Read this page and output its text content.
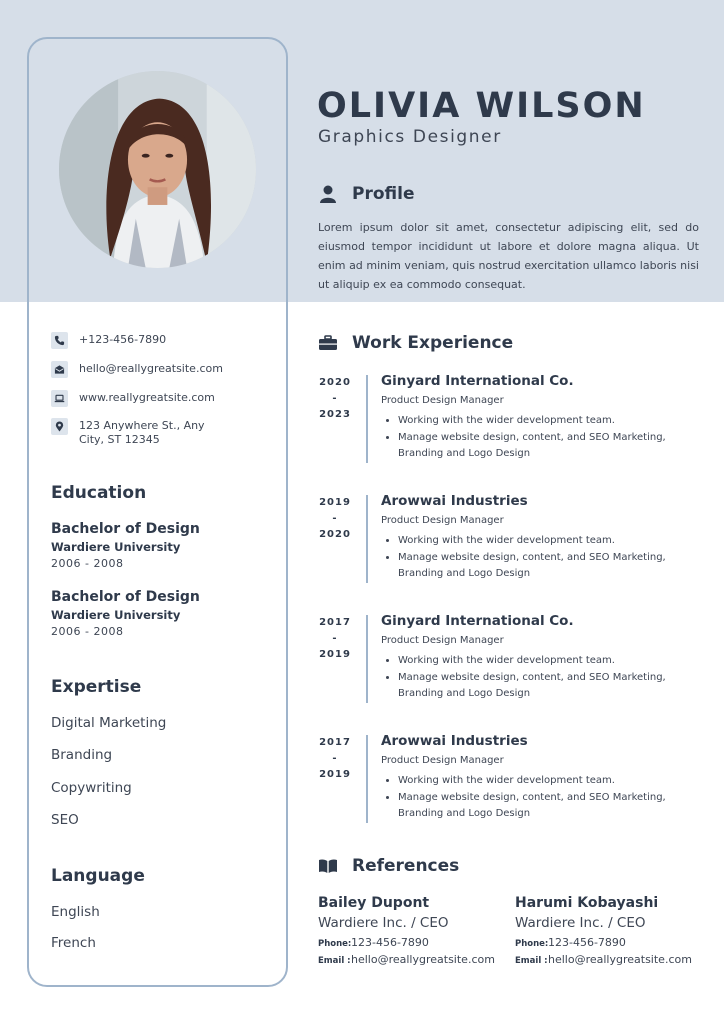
OLIVIA WILSON
Graphics Designer
Profile
Lorem ipsum dolor sit amet, consectetur adipiscing elit, sed do eiusmod tempor incididunt ut labore et dolore magna aliqua. Ut enim ad minim veniam, quis nostrud exercitation ullamco laboris nisi ut aliquip ex ea commodo consequat.
+123-456-7890
hello@reallygreatsite.com
www.reallygreatsite.com
123 Anywhere St., Any City, ST 12345
Education
Bachelor of Design
Wardiere University
2006 - 2008
Bachelor of Design
Wardiere University
2006 - 2008
Expertise
Digital Marketing
Branding
Copywriting
SEO
Language
English
French
Work Experience
2020
-
2023
Ginyard International Co.
Product Design Manager
• Working with the wider development team.
• Manage website design, content, and SEO Marketing, Branding and Logo Design
2019
-
2020
Arowwai Industries
Product Design Manager
• Working with the wider development team.
• Manage website design, content, and SEO Marketing, Branding and Logo Design
2017
-
2019
Ginyard International Co.
Product Design Manager
• Working with the wider development team.
• Manage website design, content, and SEO Marketing, Branding and Logo Design
2017
-
2019
Arowwai Industries
Product Design Manager
• Working with the wider development team.
• Manage website design, content, and SEO Marketing, Branding and Logo Design
References
Bailey Dupont
Wardiere Inc. / CEO
Phone:123-456-7890
Email :hello@reallygreatsite.com
Harumi Kobayashi
Wardiere Inc. / CEO
Phone:123-456-7890
Email :hello@reallygreatsite.com
